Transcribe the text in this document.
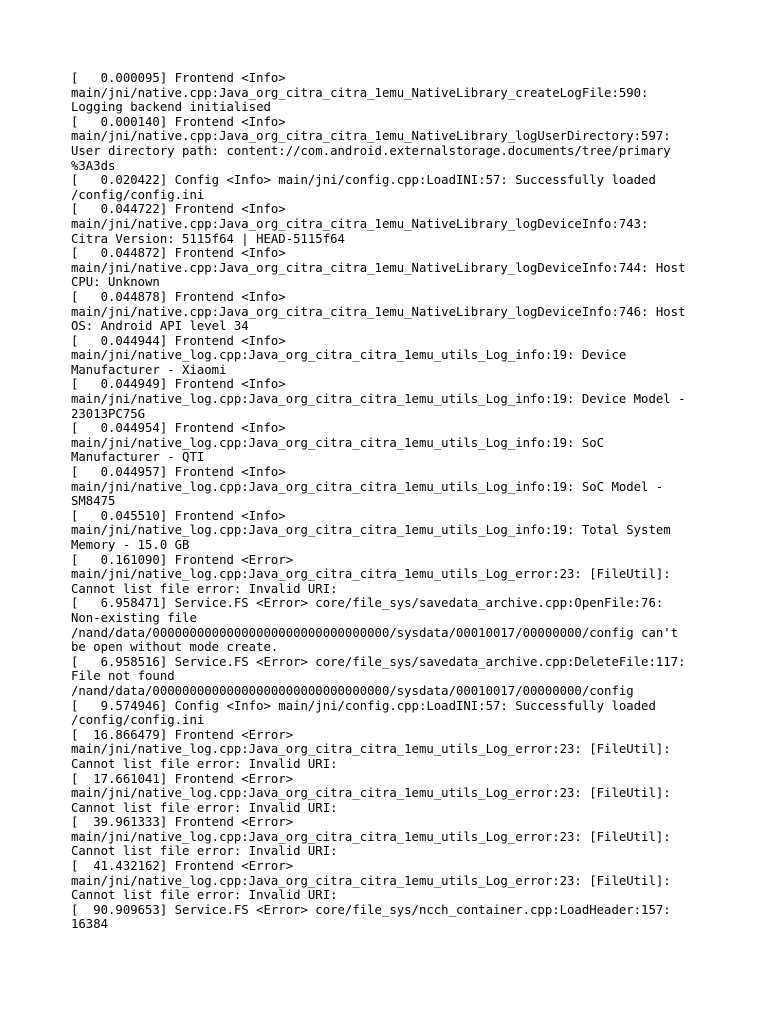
[   0.000095] Frontend <Info>
main/jni/native.cpp:Java_org_citra_citra_1emu_NativeLibrary_createLogFile:590:
Logging backend initialised
[   0.000140] Frontend <Info>
main/jni/native.cpp:Java_org_citra_citra_1emu_NativeLibrary_logUserDirectory:597:
User directory path: content://com.android.externalstorage.documents/tree/primary
%3A3ds
[   0.020422] Config <Info> main/jni/config.cpp:LoadINI:57: Successfully loaded
/config/config.ini
[   0.044722] Frontend <Info>
main/jni/native.cpp:Java_org_citra_citra_1emu_NativeLibrary_logDeviceInfo:743:
Citra Version: 5115f64 | HEAD-5115f64
[   0.044872] Frontend <Info>
main/jni/native.cpp:Java_org_citra_citra_1emu_NativeLibrary_logDeviceInfo:744: Host
CPU: Unknown
[   0.044878] Frontend <Info>
main/jni/native.cpp:Java_org_citra_citra_1emu_NativeLibrary_logDeviceInfo:746: Host
OS: Android API level 34
[   0.044944] Frontend <Info>
main/jni/native_log.cpp:Java_org_citra_citra_1emu_utils_Log_info:19: Device
Manufacturer - Xiaomi
[   0.044949] Frontend <Info>
main/jni/native_log.cpp:Java_org_citra_citra_1emu_utils_Log_info:19: Device Model -
23013PC75G
[   0.044954] Frontend <Info>
main/jni/native_log.cpp:Java_org_citra_citra_1emu_utils_Log_info:19: SoC
Manufacturer - QTI
[   0.044957] Frontend <Info>
main/jni/native_log.cpp:Java_org_citra_citra_1emu_utils_Log_info:19: SoC Model -
SM8475
[   0.045510] Frontend <Info>
main/jni/native_log.cpp:Java_org_citra_citra_1emu_utils_Log_info:19: Total System
Memory - 15.0 GB
[   0.161090] Frontend <Error>
main/jni/native_log.cpp:Java_org_citra_citra_1emu_utils_Log_error:23: [FileUtil]:
Cannot list file error: Invalid URI:
[   6.958471] Service.FS <Error> core/file_sys/savedata_archive.cpp:OpenFile:76:
Non-existing file
/nand/data/00000000000000000000000000000000/sysdata/00010017/00000000/config can't
be open without mode create.
[   6.958516] Service.FS <Error> core/file_sys/savedata_archive.cpp:DeleteFile:117:
File not found
/nand/data/00000000000000000000000000000000/sysdata/00010017/00000000/config
[   9.574946] Config <Info> main/jni/config.cpp:LoadINI:57: Successfully loaded
/config/config.ini
[  16.866479] Frontend <Error>
main/jni/native_log.cpp:Java_org_citra_citra_1emu_utils_Log_error:23: [FileUtil]:
Cannot list file error: Invalid URI:
[  17.661041] Frontend <Error>
main/jni/native_log.cpp:Java_org_citra_citra_1emu_utils_Log_error:23: [FileUtil]:
Cannot list file error: Invalid URI:
[  39.961333] Frontend <Error>
main/jni/native_log.cpp:Java_org_citra_citra_1emu_utils_Log_error:23: [FileUtil]:
Cannot list file error: Invalid URI:
[  41.432162] Frontend <Error>
main/jni/native_log.cpp:Java_org_citra_citra_1emu_utils_Log_error:23: [FileUtil]:
Cannot list file error: Invalid URI:
[  90.909653] Service.FS <Error> core/file_sys/ncch_container.cpp:LoadHeader:157:
16384
